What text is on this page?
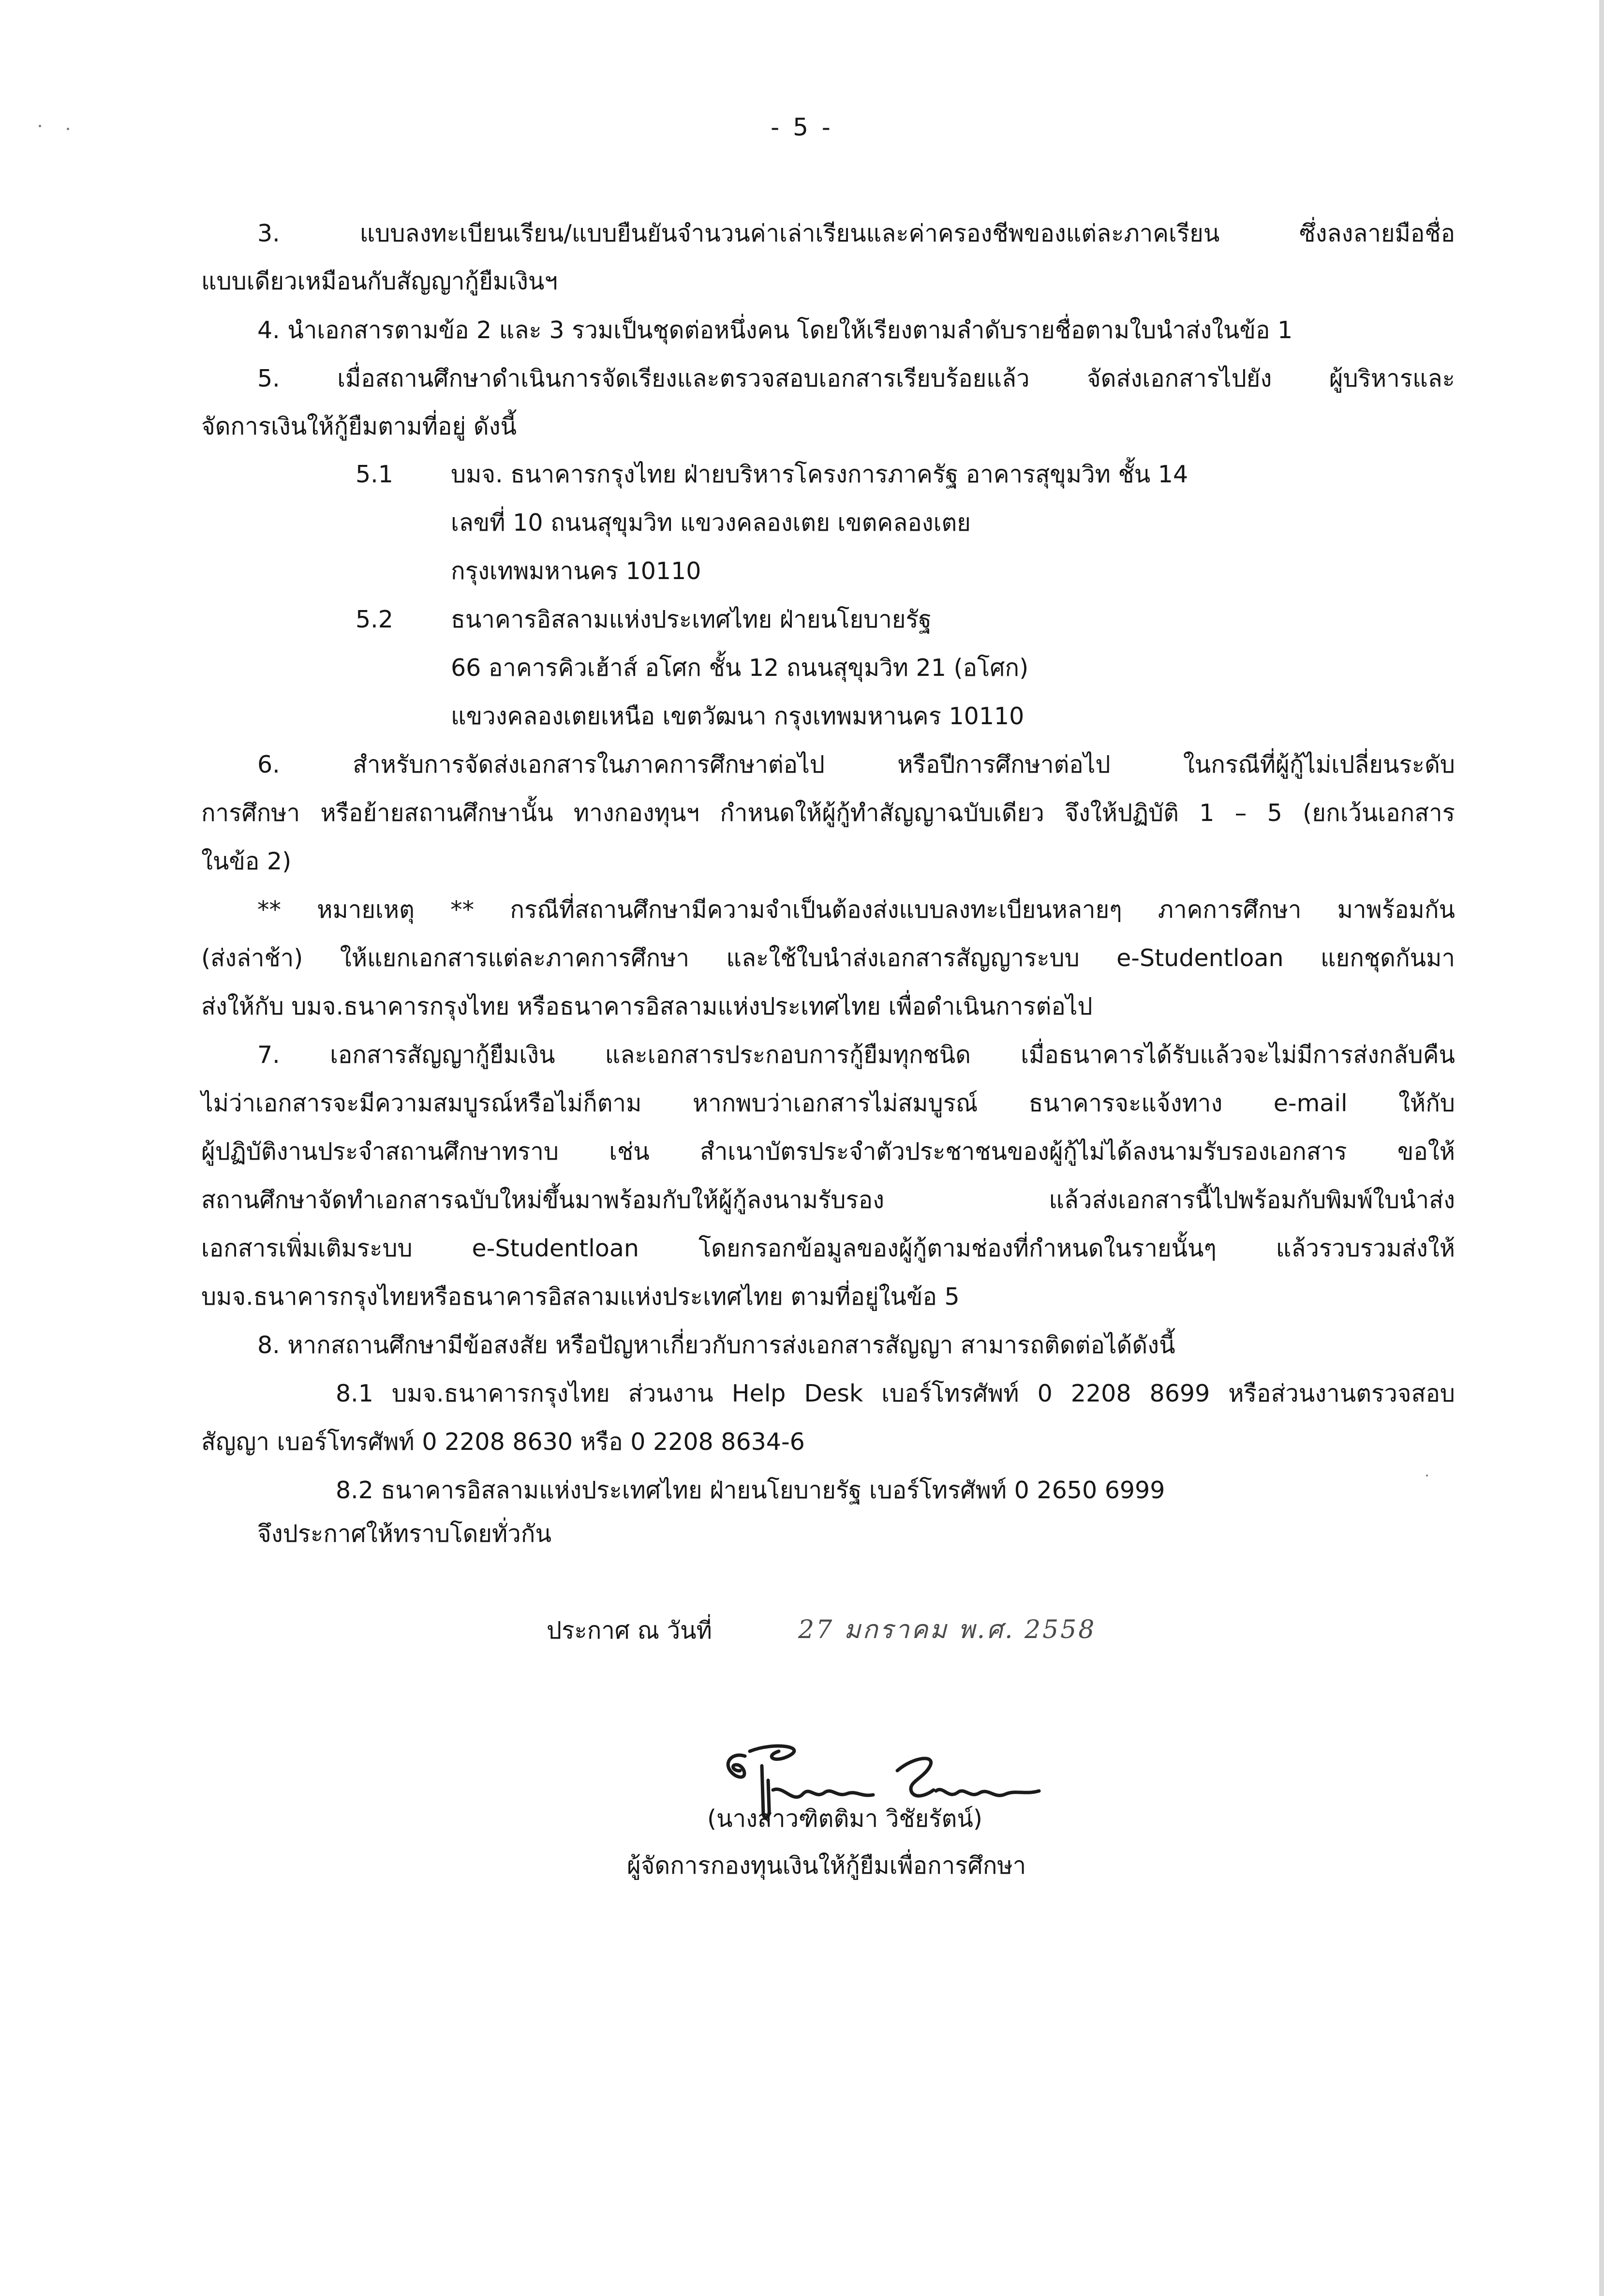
- 5 -
3. แบบลงทะเบียนเรียน/แบบยืนยันจำนวนค่าเล่าเรียนและค่าครองชีพของแต่ละภาคเรียน ซึ่งลงลายมือชื่อ
แบบเดียวเหมือนกับสัญญากู้ยืมเงินฯ
4. นำเอกสารตามข้อ 2 และ 3 รวมเป็นชุดต่อหนึ่งคน โดยให้เรียงตามลำดับรายชื่อตามใบนำส่งในข้อ 1
5. เมื่อสถานศึกษาดำเนินการจัดเรียงและตรวจสอบเอกสารเรียบร้อยแล้ว จัดส่งเอกสารไปยัง ผู้บริหารและ
จัดการเงินให้กู้ยืมตามที่อยู่ ดังนี้
5.1 บมจ. ธนาคารกรุงไทย ฝ่ายบริหารโครงการภาครัฐ อาคารสุขุมวิท ชั้น 14
เลขที่ 10 ถนนสุขุมวิท แขวงคลองเตย เขตคลองเตย
กรุงเทพมหานคร 10110
5.2 ธนาคารอิสลามแห่งประเทศไทย ฝ่ายนโยบายรัฐ
66 อาคารคิวเฮ้าส์ อโศก ชั้น 12 ถนนสุขุมวิท 21 (อโศก)
แขวงคลองเตยเหนือ เขตวัฒนา กรุงเทพมหานคร 10110
6. สำหรับการจัดส่งเอกสารในภาคการศึกษาต่อไป หรือปีการศึกษาต่อไป ในกรณีที่ผู้กู้ไม่เปลี่ยนระดับ
การศึกษา หรือย้ายสถานศึกษานั้น ทางกองทุนฯ กำหนดให้ผู้กู้ทำสัญญาฉบับเดียว จึงให้ปฏิบัติ 1 – 5 (ยกเว้นเอกสาร
ในข้อ 2)
** หมายเหตุ ** กรณีที่สถานศึกษามีความจำเป็นต้องส่งแบบลงทะเบียนหลายๆ ภาคการศึกษา มาพร้อมกัน
(ส่งล่าช้า) ให้แยกเอกสารแต่ละภาคการศึกษา และใช้ใบนำส่งเอกสารสัญญาระบบ e-Studentloan แยกชุดกันมา
ส่งให้กับ บมจ.ธนาคารกรุงไทย หรือธนาคารอิสลามแห่งประเทศไทย เพื่อดำเนินการต่อไป
7. เอกสารสัญญากู้ยืมเงิน และเอกสารประกอบการกู้ยืมทุกชนิด เมื่อธนาคารได้รับแล้วจะไม่มีการส่งกลับคืน
ไม่ว่าเอกสารจะมีความสมบูรณ์หรือไม่ก็ตาม หากพบว่าเอกสารไม่สมบูรณ์ ธนาคารจะแจ้งทาง e-mail ให้กับ
ผู้ปฏิบัติงานประจำสถานศึกษาทราบ เช่น สำเนาบัตรประจำตัวประชาชนของผู้กู้ไม่ได้ลงนามรับรองเอกสาร ขอให้
สถานศึกษาจัดทำเอกสารฉบับใหม่ขึ้นมาพร้อมกับให้ผู้กู้ลงนามรับรอง แล้วส่งเอกสารนี้ไปพร้อมกับพิมพ์ใบนำส่ง
เอกสารเพิ่มเติมระบบ e-Studentloan โดยกรอกข้อมูลของผู้กู้ตามช่องที่กำหนดในรายนั้นๆ แล้วรวบรวมส่งให้
บมจ.ธนาคารกรุงไทยหรือธนาคารอิสลามแห่งประเทศไทย ตามที่อยู่ในข้อ 5
8. หากสถานศึกษามีข้อสงสัย หรือปัญหาเกี่ยวกับการส่งเอกสารสัญญา สามารถติดต่อได้ดังนี้
8.1 บมจ.ธนาคารกรุงไทย ส่วนงาน Help Desk เบอร์โทรศัพท์ 0 2208 8699 หรือส่วนงานตรวจสอบ
สัญญา เบอร์โทรศัพท์ 0 2208 8630 หรือ 0 2208 8634-6
8.2 ธนาคารอิสลามแห่งประเทศไทย ฝ่ายนโยบายรัฐ เบอร์โทรศัพท์ 0 2650 6999
จึงประกาศให้ทราบโดยทั่วกัน
ประกาศ ณ วันที่	27 มกราคม พ.ศ. 2558
(นางสาวฑิตติมา วิชัยรัตน์)
ผู้จัดการกองทุนเงินให้กู้ยืมเพื่อการศึกษา
